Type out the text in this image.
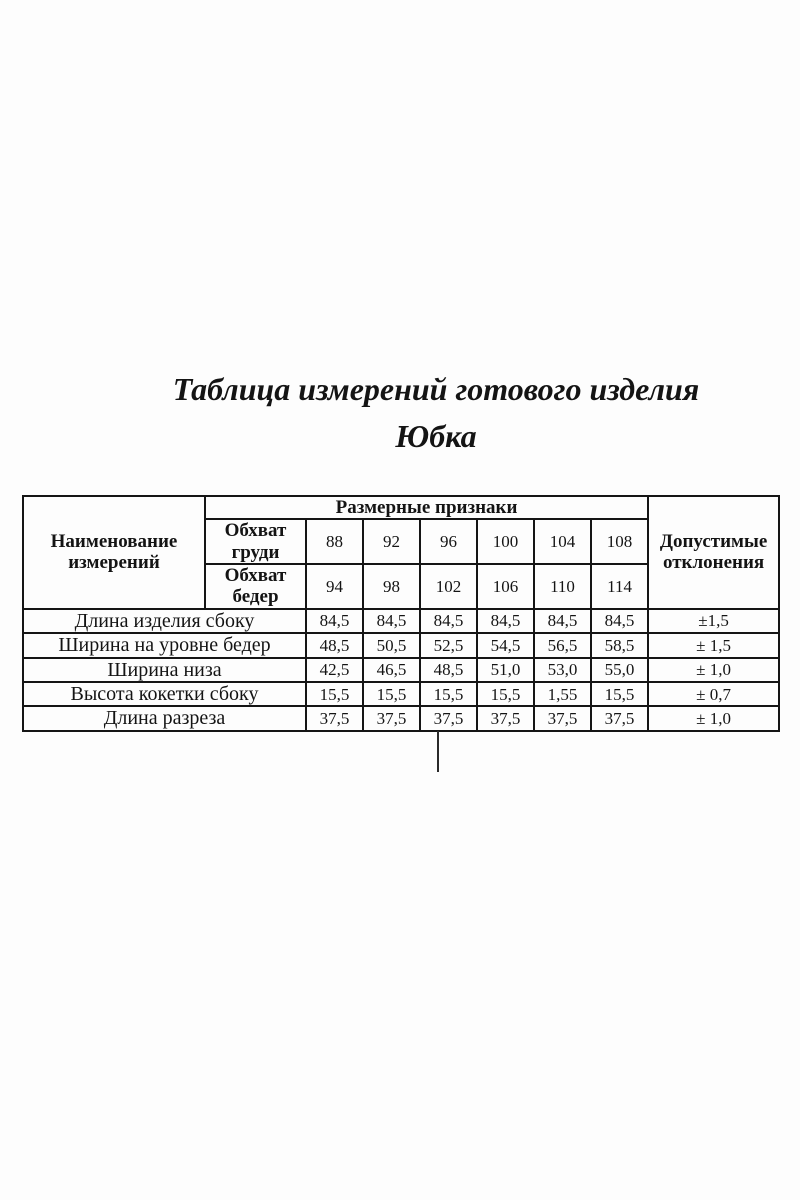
Таблица измерений готового изделия
Юбка
Наименование измерений	Размерные признаки							Допустимые отклонения
	Обхват груди	88	92	96	100	104	108	
	Обхват бедер	94	98	102	106	110	114	
Длина изделия сбоку		84,5	84,5	84,5	84,5	84,5	84,5	±1,5
Ширина на уровне бедер		48,5	50,5	52,5	54,5	56,5	58,5	± 1,5
Ширина низа		42,5	46,5	48,5	51,0	53,0	55,0	± 1,0
Высота кокетки сбоку		15,5	15,5	15,5	15,5	1,55	15,5	± 0,7
Длина разреза		37,5	37,5	37,5	37,5	37,5	37,5	± 1,0
